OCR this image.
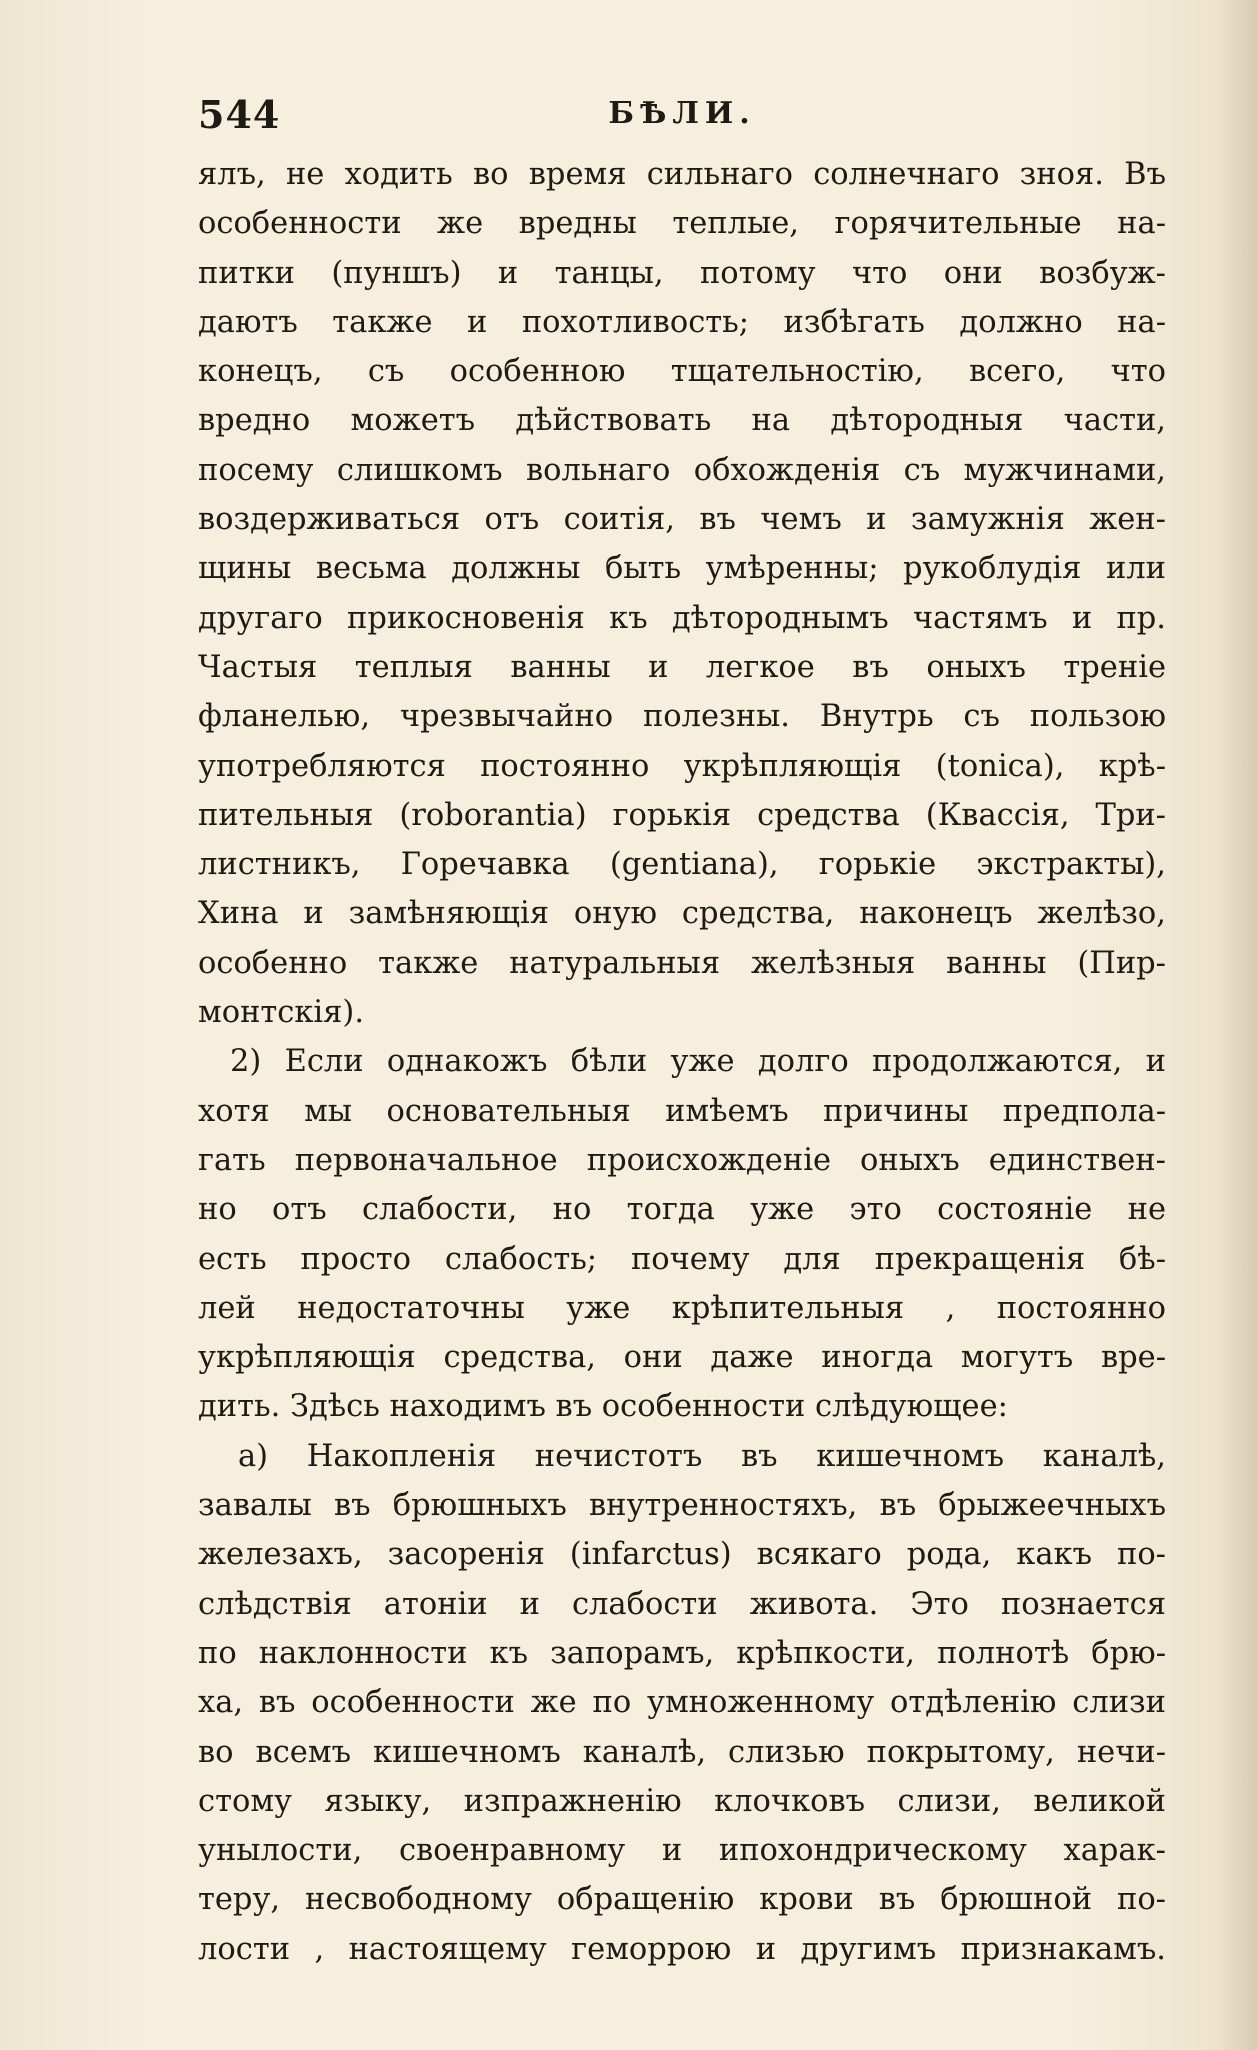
544	БѢЛИ.
ялъ, не ходить во время сильнаго солнечнаго зноя. Въ
особенности же вредны теплые, горячительные на-
питки (пуншъ) и танцы, потому что они возбуж-
даютъ также и похотливость; избѣгать должно на-
конецъ, съ особенною тщательностію, всего, что
вредно можетъ дѣйствовать на дѣтородныя части,
посему слишкомъ вольнаго обхожденія съ мужчинами,
воздерживаться отъ соитія, въ чемъ и замужнія жен-
щины весьма должны быть умѣренны; рукоблудія или
другаго прикосновенія къ дѣтороднымъ частямъ и пр.
Частыя теплыя ванны и легкое въ оныхъ треніе
фланелью, чрезвычайно полезны. Внутрь съ пользою
употребляются постоянно укрѣпляющія (tonica), крѣ-
пительныя (roborantia) горькія средства (Квассія, Три-
листникъ, Горечавка (gentiana), горькіе экстракты),
Хина и замѣняющія оную средства, наконецъ желѣзо,
особенно также натуральныя желѣзныя ванны (Пир-
монтскія).
2) Если однакожъ бѣли уже долго продолжаются, и
хотя мы основательныя имѣемъ причины предпола-
гать первоначальное происхожденіе оныхъ единствен-
но отъ слабости, но тогда уже это состояніе не
есть просто слабость; почему для прекращенія бѣ-
лей недостаточны уже крѣпительныя , постоянно
укрѣпляющія средства, они даже иногда могутъ вре-
дить. Здѣсь находимъ въ особенности слѣдующее:
a) Накопленія нечистотъ въ кишечномъ каналѣ,
завалы въ брюшныхъ внутренностяхъ, въ брыжеечныхъ
железахъ, засоренія (infarctus) всякаго рода, какъ по-
слѣдствія атоніи и слабости живота. Это познается
по наклонности къ запорамъ, крѣпкости, полнотѣ брю-
ха, въ особенности же по умноженному отдѣленію слизи
во всемъ кишечномъ каналѣ, слизью покрытому, нечи-
стому языку, изпражненію клочковъ слизи, великой
унылости, своенравному и ипохондрическому харак-
теру, несвободному обращенію крови въ брюшной по-
лости , настоящему геморрою и другимъ признакамъ.
